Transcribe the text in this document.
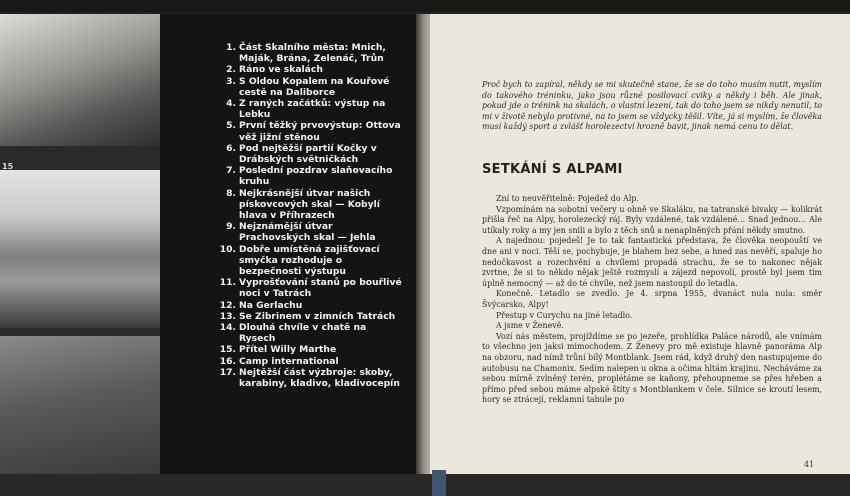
15
1. Část Skalního města: Mnich, Maják, Brána, Zelenáč, Trůn
2. Ráno ve skalách
3. S Oldou Kopalem na Kouřové cestě na Daliborce
4. Z raných začátků: výstup na Lebku
5. První těžký prvovýstup: Ottova věž jižní stěnou
6. Pod nejtěžší partií Kočky v Drábských světničkách
7. Poslední pozdrav slaňovacího kruhu
8. Nejkrásnější útvar našich pískovcových skal — Kobylí hlava v Příhrazech
9. Nejznámější útvar Prachovských skal — Jehla
10. Dobře umístěná zajišťovací smyčka rozhoduje o bezpečnosti výstupu
11. Vyprošťování stanů po bouřlivé noci v Tatrách
12. Na Gerlachu
13. Se Zibrinem v zimních Tatrách
14. Dlouhá chvíle v chatě na Rysech
15. Přítel Willy Marthe
16. Camp international
17. Nejtěžší část výzbroje: skoby, karabiny, kladivo, kladivocepín
Proč bych to zapíral, někdy se mi skutečně stane, že se do toho musím nutit, myslím do takového tréninku, jako jsou různé posilovací cviky a někdy i běh. Ale jinak, pokud jde o trénink na skalách, o vlastní lezení, tak do toho jsem se nikdy nenutil, to mi v životě nebylo protivné, na to jsem se vždycky těšil. Víte, já si myslím, že člověka musí každý sport a zvlášť horolezectví hrozně bavit, jinak nemá cenu to dělat.
SETKÁNÍ S ALPAMI

Zní to neuvěřitelně: Pojedež do Alp.

Vzpomínám na sobotní večery u ohně ve Skaláku, na tatranské bivaky — kolikrát přišla řeč na Alpy, horolezecký ráj. Byly vzdálené, tak vzdálené… Snad jednou… Ale utíkaly roky a my jen snili a bylo z těch snů a nenaplněných přání někdy smutno.

A najednou: pojedeš! Je to tak fantastická představa, že člověka neopouští ve dne ani v noci. Těší se, pochybuje, je blahem bez sebe, a hned zas nevěří, spaluje ho nedočkavost a rozechvění a chvílemi propadá strachu, že se to nakonec nějak zvrtne, že si to někdo nějak ještě rozmyslí a zájezd nepovolí, prostě byl jsem tím úplně nemocný — až do té chvíle, než jsem nastoupil do letadla.

Konečně. Letadlo se zvedlo. Je 4. srpna 1955, dvanáct nula nula: směr Švýcarsko, Alpy!

Přestup v Curychu na jiné letadlo.

A jsme v Ženevě.

Vozí nás městem, projíždíme se po jezeře, prohlídka Paláce národů, ale vnímám to všechno jen jaksi mimochodem. Z Ženevy pro mě existuje hlavně panoráma Alp na obzoru, nad nímž trůní bílý Montblank. Jsem rád, když druhý den nastupujeme do autobusu na Chamonix. Sedím nalepen u okna a očima hltám krajinu. Necháváme za sebou mírně zvlněný terén, proplétáme se kaňony, přehoupneme se přes hřeben a přímo před sebou máme alpské štíty s Montblankem v čele. Silnice se kroutí lesem, hory se ztrácejí, reklamní tabule po

41
